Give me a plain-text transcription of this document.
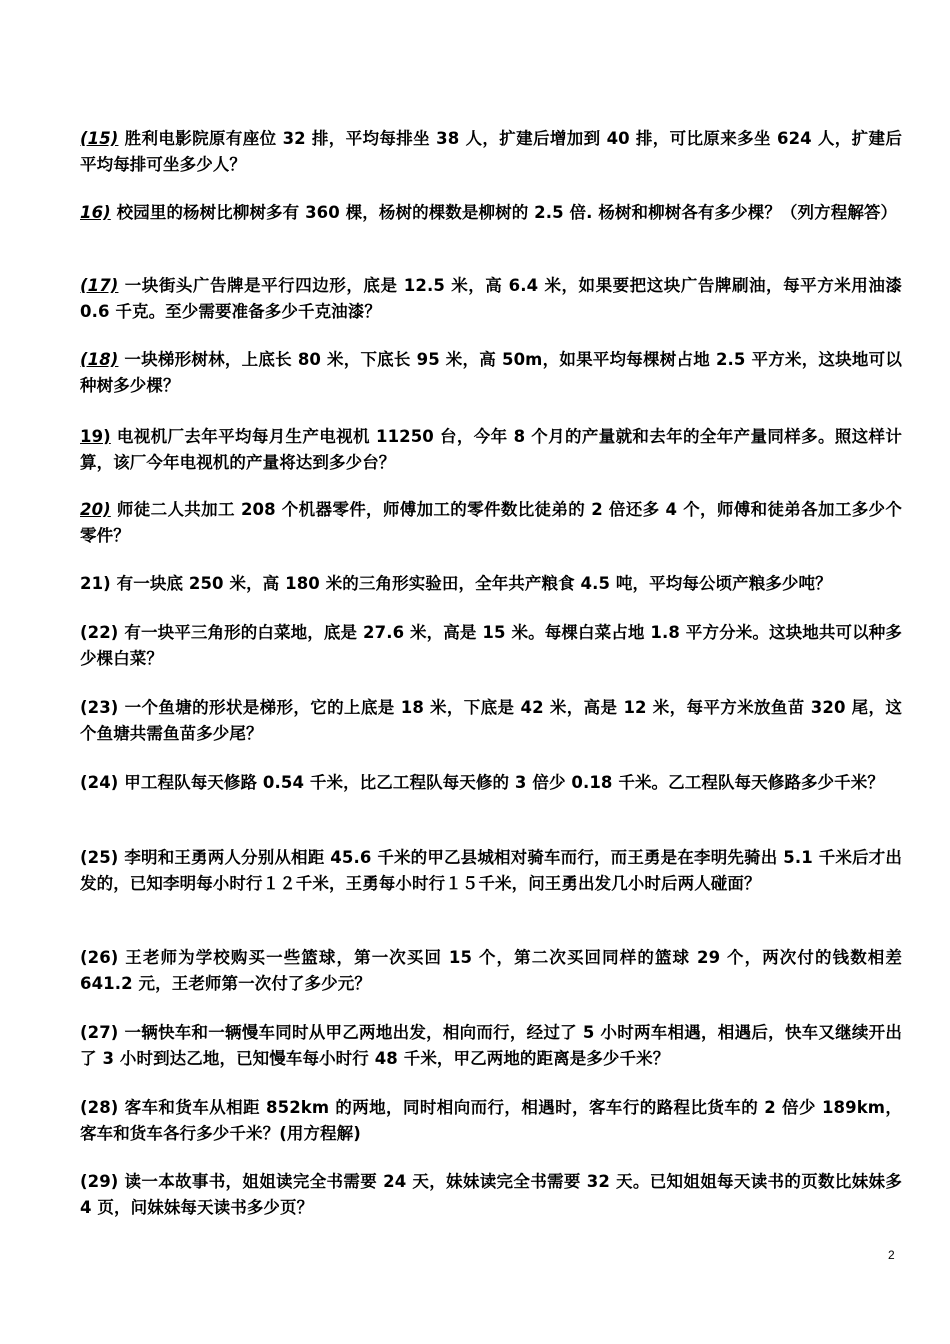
(15) 胜利电影院原有座位 32 排，平均每排坐 38 人，扩建后增加到 40 排，可比原来多坐 624 人，扩建后平均每排可坐多少人？
16) 校园里的杨树比柳树多有 360 棵，杨树的棵数是柳树的 2.5 倍. 杨树和柳树各有多少棵？（列方程解答）
(17) 一块街头广告牌是平行四边形，底是 12.5 米，高 6.4 米，如果要把这块广告牌刷油，每平方米用油漆 0.6 千克。至少需要准备多少千克油漆？
(18) 一块梯形树林，上底长 80 米，下底长 95 米，高 50m，如果平均每棵树占地 2.5 平方米，这块地可以种树多少棵？
19) 电视机厂去年平均每月生产电视机 11250 台，今年 8 个月的产量就和去年的全年产量同样多。照这样计算，该厂今年电视机的产量将达到多少台？
20) 师徒二人共加工 208 个机器零件，师傅加工的零件数比徒弟的 2 倍还多 4 个，师傅和徒弟各加工多少个零件？
21) 有一块底 250 米，高 180 米的三角形实验田，全年共产粮食 4.5 吨，平均每公顷产粮多少吨？
(22) 有一块平三角形的白菜地，底是 27.6 米，高是 15 米。每棵白菜占地 1.8 平方分米。这块地共可以种多少棵白菜？
(23) 一个鱼塘的形状是梯形，它的上底是 18 米，下底是 42 米，高是 12 米，每平方米放鱼苗 320 尾，这个鱼塘共需鱼苗多少尾？
(24) 甲工程队每天修路 0.54 千米，比乙工程队每天修的 3 倍少 0.18 千米。乙工程队每天修路多少千米？
(25) 李明和王勇两人分别从相距 45.6 千米的甲乙县城相对骑车而行，而王勇是在李明先骑出 5.1 千米后才出发的，已知李明每小时行１２千米，王勇每小时行１５千米，问王勇出发几小时后两人碰面？
(26) 王老师为学校购买一些篮球，第一次买回 15 个，第二次买回同样的篮球 29 个，两次付的钱数相差 641.2 元，王老师第一次付了多少元？
(27) 一辆快车和一辆慢车同时从甲乙两地出发，相向而行，经过了 5 小时两车相遇，相遇后，快车又继续开出了 3 小时到达乙地，已知慢车每小时行 48 千米，甲乙两地的距离是多少千米？
(28) 客车和货车从相距 852km 的两地，同时相向而行，相遇时，客车行的路程比货车的 2 倍少 189km，客车和货车各行多少千米？(用方程解)
(29) 读一本故事书，姐姐读完全书需要 24 天，妹妹读完全书需要 32 天。已知姐姐每天读书的页数比妹妹多 4 页，问妹妹每天读书多少页？
2
